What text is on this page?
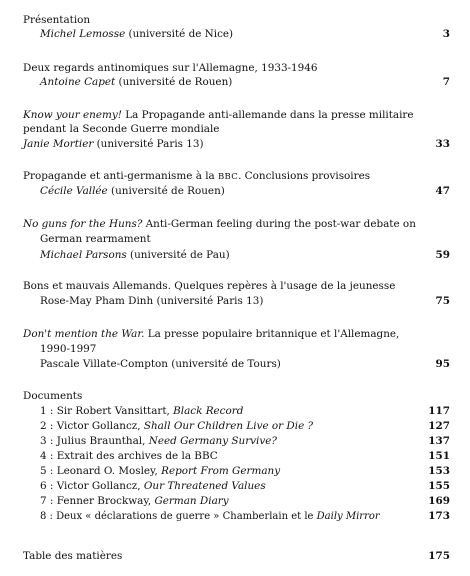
Présentation
Michel Lemosse (université de Nice)	3
Deux regards antinomiques sur l'Allemagne, 1933-1946
Antoine Capet (université de Rouen)	7
Know your enemy! La Propagande anti-allemande dans la presse militaire
pendant la Seconde Guerre mondiale
Janie Mortier (université Paris 13)	33
Propagande et anti-germanisme à la BBC. Conclusions provisoires
Cécile Vallée (université de Rouen)	47
No guns for the Huns? Anti-German feeling during the post-war debate on
German rearmament
Michael Parsons (université de Pau)	59
Bons et mauvais Allemands. Quelques repères à l'usage de la jeunesse
Rose-May Pham Dinh (université Paris 13)	75
Don't mention the War. La presse populaire britannique et l'Allemagne,
1990-1997
Pascale Villate-Compton (université de Tours)	95
Documents
1 : Sir Robert Vansittart, Black Record	117
2 : Victor Gollancz, Shall Our Children Live or Die ?	127
3 : Julius Braunthal, Need Germany Survive?	137
4 : Extrait des archives de la BBC	151
5 : Leonard O. Mosley, Report From Germany	153
6 : Victor Gollancz, Our Threatened Values	155
7 : Fenner Brockway, German Diary	169
8 : Deux « déclarations de guerre » Chamberlain et le Daily Mirror	173
Table des matières	175
